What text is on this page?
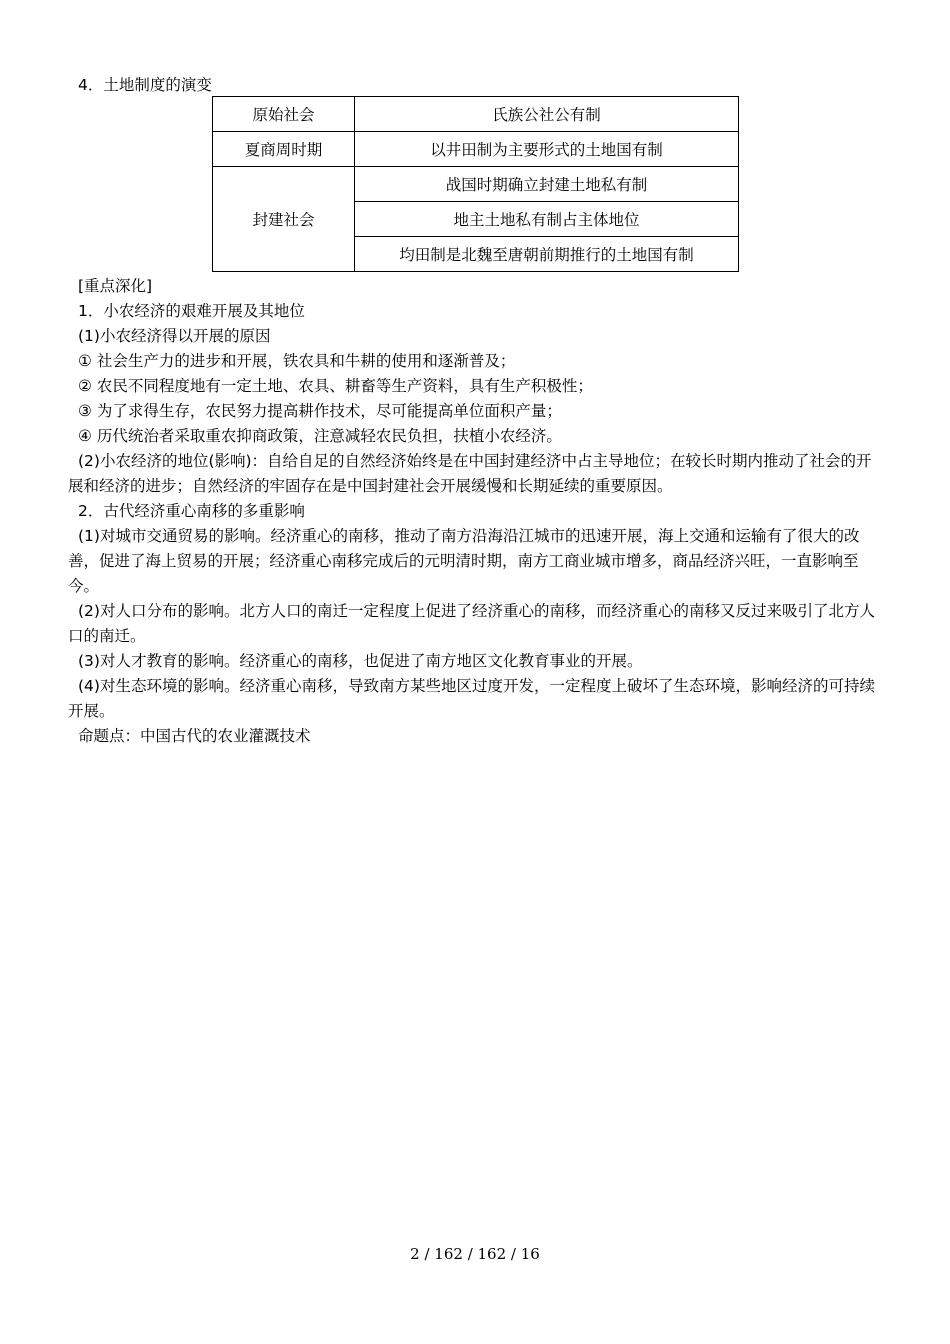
4．土地制度的演变
原始社会	氏族公社公有制
夏商周时期	以井田制为主要形式的土地国有制
封建社会	战国时期确立封建土地私有制
	地主土地私有制占主体地位
	均田制是北魏至唐朝前期推行的土地国有制

[重点深化]

1．小农经济的艰难开展及其地位

(1)小农经济得以开展的原因

① 社会生产力的进步和开展，铁农具和牛耕的使用和逐渐普及；

② 农民不同程度地有一定土地、农具、耕畜等生产资料，具有生产积极性；

③ 为了求得生存，农民努力提高耕作技术，尽可能提高单位面积产量；

④ 历代统治者采取重农抑商政策，注意减轻农民负担，扶植小农经济。

(2)小农经济的地位(影响)：自给自足的自然经济始终是在中国封建经济中占主导地位；在较长时期内推动了社会的开展和经济的进步；自然经济的牢固存在是中国封建社会开展缓慢和长期延续的重要原因。

2．古代经济重心南移的多重影响

(1)对城市交通贸易的影响。经济重心的南移，推动了南方沿海沿江城市的迅速开展，海上交通和运输有了很大的改善，促进了海上贸易的开展；经济重心南移完成后的元明清时期，南方工商业城市增多，商品经济兴旺，一直影响至今。

(2)对人口分布的影响。北方人口的南迁一定程度上促进了经济重心的南移，而经济重心的南移又反过来吸引了北方人口的南迁。

(3)对人才教育的影响。经济重心的南移，也促进了南方地区文化教育事业的开展。

(4)对生态环境的影响。经济重心南移，导致南方某些地区过度开发，一定程度上破坏了生态环境，影响经济的可持续开展。

命题点：中国古代的农业灌溉技术

2 / 162 / 162 / 16
